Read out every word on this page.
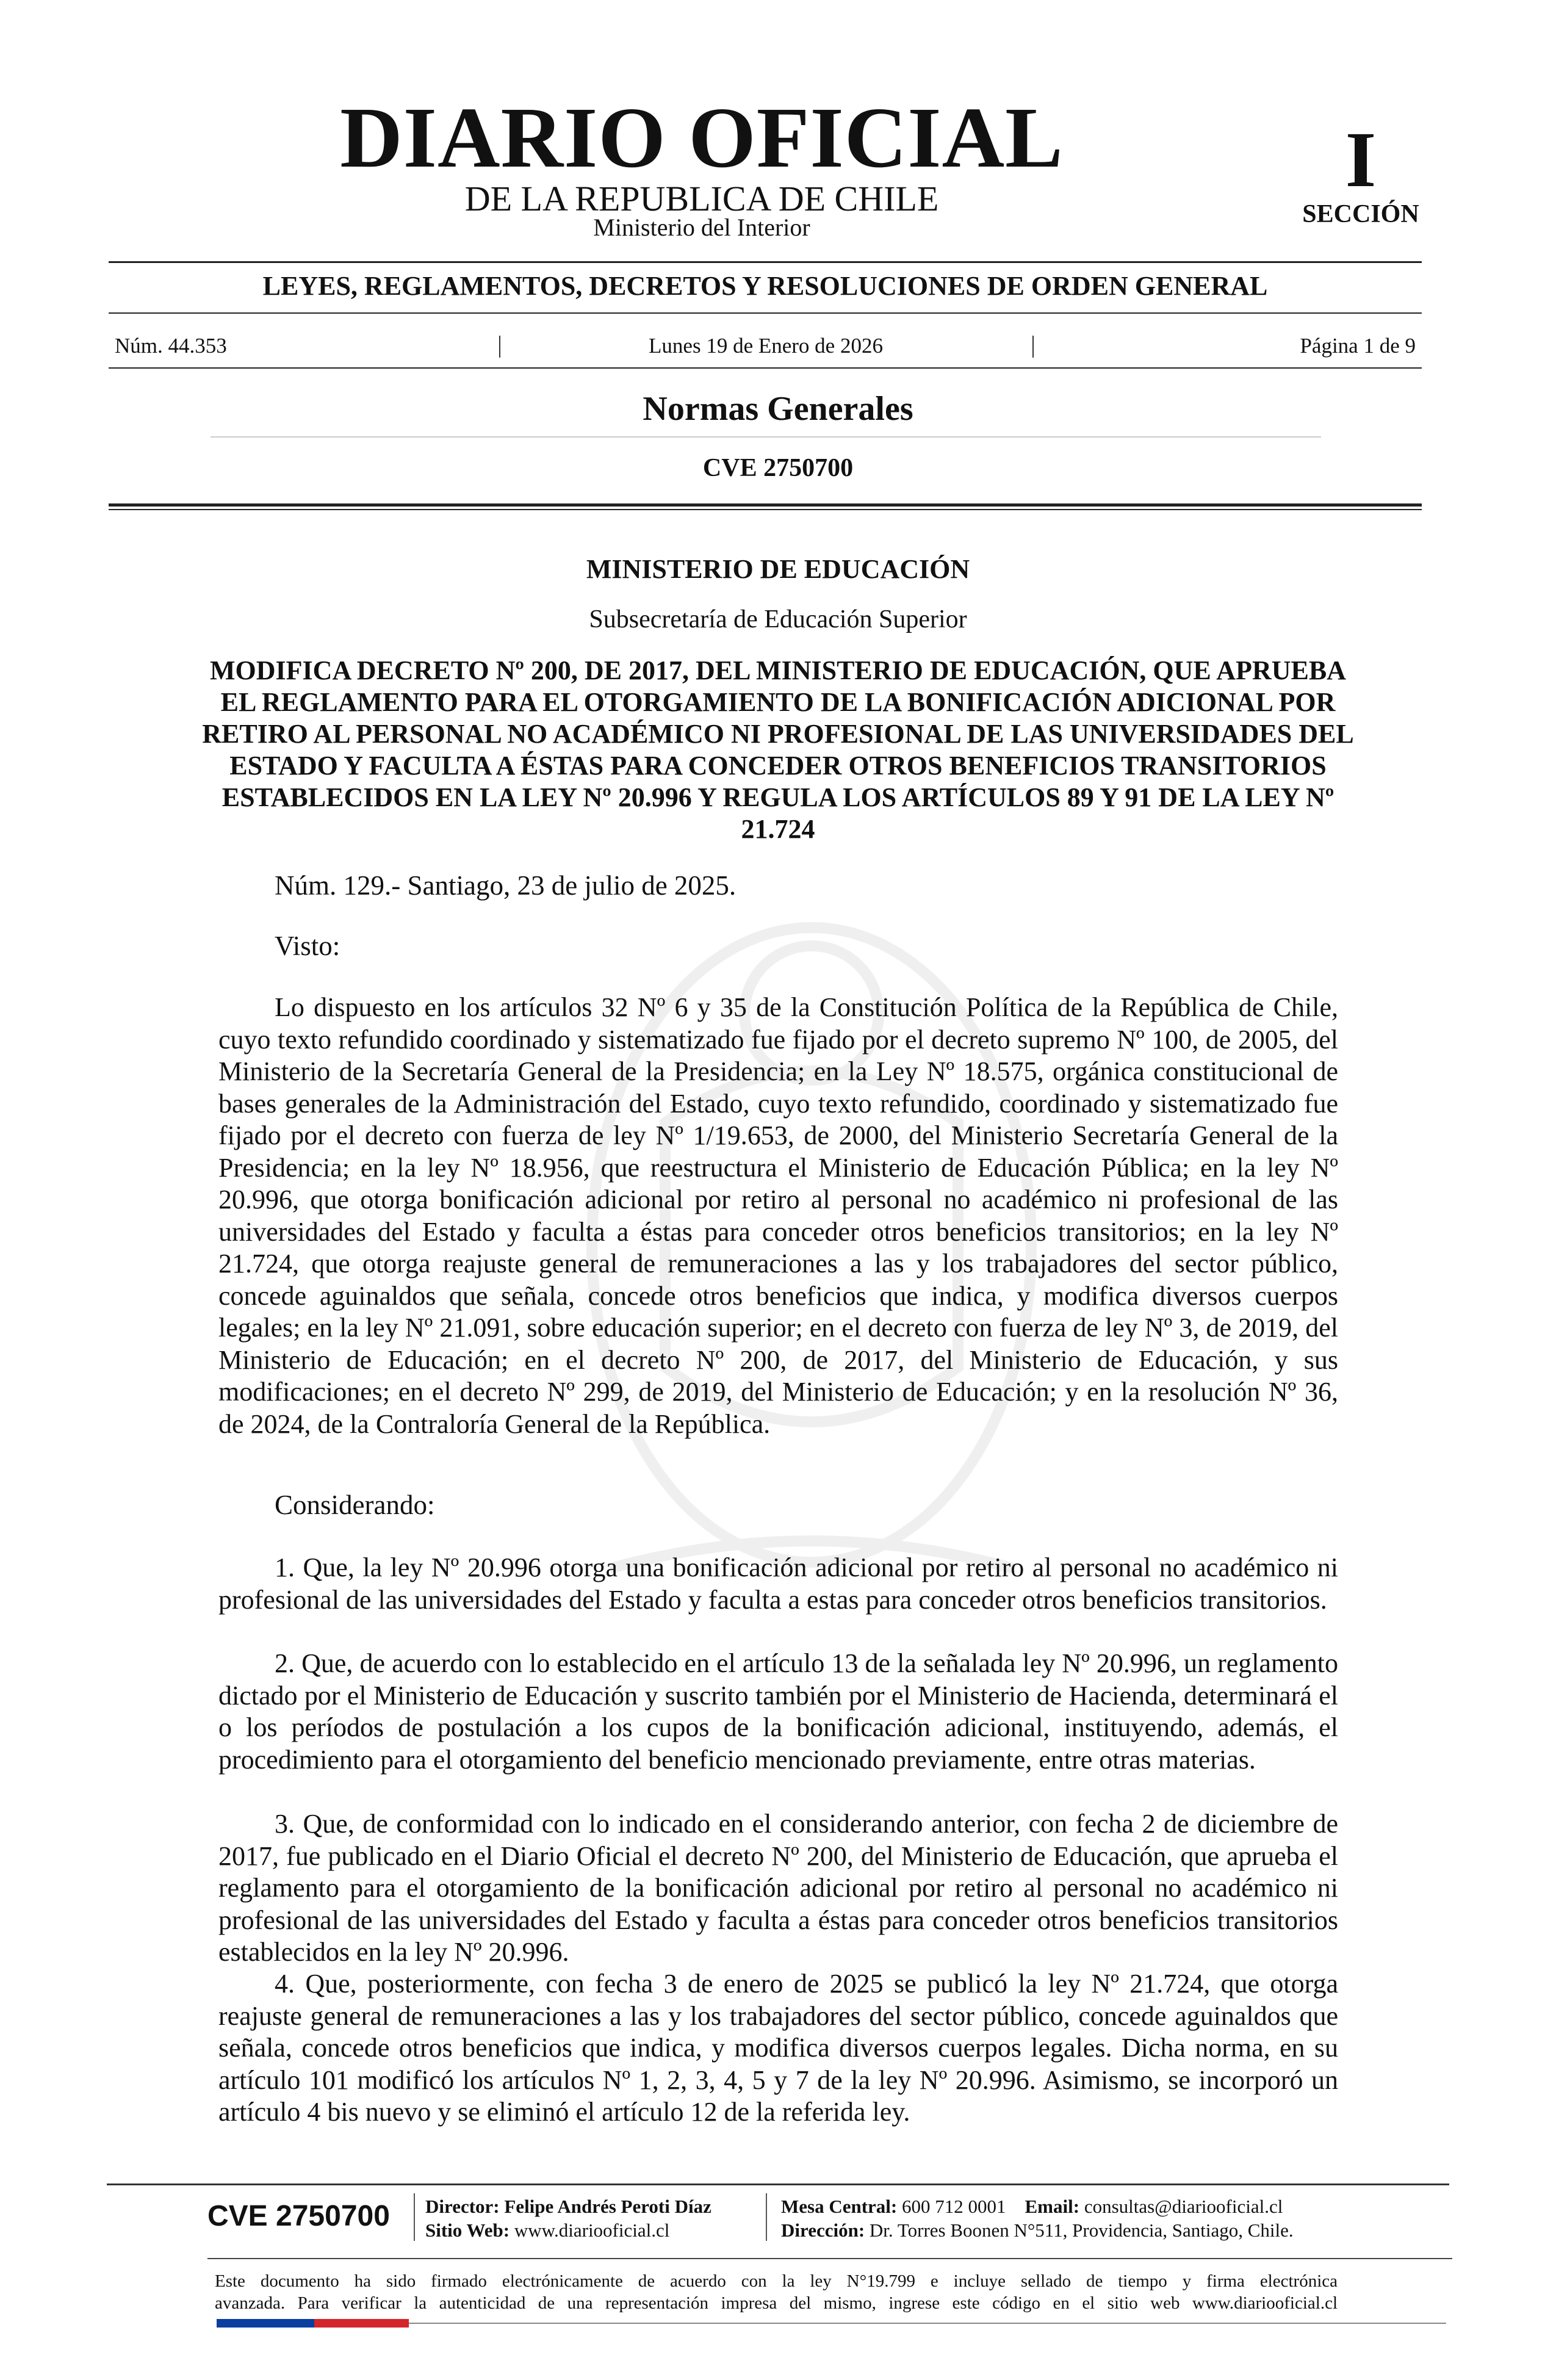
DIARIO OFICIAL
DE LA REPUBLICA DE CHILE
Ministerio del Interior
I
SECCIÓN
LEYES, REGLAMENTOS, DECRETOS Y RESOLUCIONES DE ORDEN GENERAL
Núm. 44.353	Lunes 19 de Enero de 2026	Página 1 de 9
Normas Generales
CVE 2750700
MINISTERIO DE EDUCACIÓN
Subsecretaría de Educación Superior
MODIFICA DECRETO Nº 200, DE 2017, DEL MINISTERIO DE EDUCACIÓN, QUE APRUEBA EL REGLAMENTO PARA EL OTORGAMIENTO DE LA BONIFICACIÓN ADICIONAL POR RETIRO AL PERSONAL NO ACADÉMICO NI PROFESIONAL DE LAS UNIVERSIDADES DEL ESTADO Y FACULTA A ÉSTAS PARA CONCEDER OTROS BENEFICIOS TRANSITORIOS ESTABLECIDOS EN LA LEY Nº 20.996 Y REGULA LOS ARTÍCULOS 89 Y 91 DE LA LEY Nº 21.724
Núm. 129.- Santiago, 23 de julio de 2025.
Visto:
Lo dispuesto en los artículos 32 Nº 6 y 35 de la Constitución Política de la República de Chile, cuyo texto refundido coordinado y sistematizado fue fijado por el decreto supremo Nº 100, de 2005, del Ministerio de la Secretaría General de la Presidencia; en la Ley Nº 18.575, orgánica constitucional de bases generales de la Administración del Estado, cuyo texto refundido, coordinado y sistematizado fue fijado por el decreto con fuerza de ley Nº 1/19.653, de 2000, del Ministerio Secretaría General de la Presidencia; en la ley Nº 18.956, que reestructura el Ministerio de Educación Pública; en la ley Nº 20.996, que otorga bonificación adicional por retiro al personal no académico ni profesional de las universidades del Estado y faculta a éstas para conceder otros beneficios transitorios; en la ley Nº 21.724, que otorga reajuste general de remuneraciones a las y los trabajadores del sector público, concede aguinaldos que señala, concede otros beneficios que indica, y modifica diversos cuerpos legales; en la ley Nº 21.091, sobre educación superior; en el decreto con fuerza de ley Nº 3, de 2019, del Ministerio de Educación; en el decreto Nº 200, de 2017, del Ministerio de Educación, y sus modificaciones; en el decreto Nº 299, de 2019, del Ministerio de Educación; y en la resolución Nº 36, de 2024, de la Contraloría General de la República.
Considerando:
1. Que, la ley Nº 20.996 otorga una bonificación adicional por retiro al personal no académico ni profesional de las universidades del Estado y faculta a estas para conceder otros beneficios transitorios.
2. Que, de acuerdo con lo establecido en el artículo 13 de la señalada ley Nº 20.996, un reglamento dictado por el Ministerio de Educación y suscrito también por el Ministerio de Hacienda, determinará el o los períodos de postulación a los cupos de la bonificación adicional, instituyendo, además, el procedimiento para el otorgamiento del beneficio mencionado previamente, entre otras materias.
3. Que, de conformidad con lo indicado en el considerando anterior, con fecha 2 de diciembre de 2017, fue publicado en el Diario Oficial el decreto Nº 200, del Ministerio de Educación, que aprueba el reglamento para el otorgamiento de la bonificación adicional por retiro al personal no académico ni profesional de las universidades del Estado y faculta a éstas para conceder otros beneficios transitorios establecidos en la ley Nº 20.996.
4. Que, posteriormente, con fecha 3 de enero de 2025 se publicó la ley Nº 21.724, que otorga reajuste general de remuneraciones a las y los trabajadores del sector público, concede aguinaldos que señala, concede otros beneficios que indica, y modifica diversos cuerpos legales. Dicha norma, en su artículo 101 modificó los artículos Nº 1, 2, 3, 4, 5 y 7 de la ley Nº 20.996. Asimismo, se incorporó un artículo 4 bis nuevo y se eliminó el artículo 12 de la referida ley.
CVE 2750700 Director: Felipe Andrés Peroti Díaz
Sitio Web: www.diariooficial.cl
Mesa Central: 600 712 0001 Email: consultas@diariooficial.cl
Dirección: Dr. Torres Boonen N°511, Providencia, Santiago, Chile.
Este documento ha sido firmado electrónicamente de acuerdo con la ley N°19.799 e incluye sellado de tiempo y firma electrónica
avanzada. Para verificar la autenticidad de una representación impresa del mismo, ingrese este código en el sitio web www.diariooficial.cl
